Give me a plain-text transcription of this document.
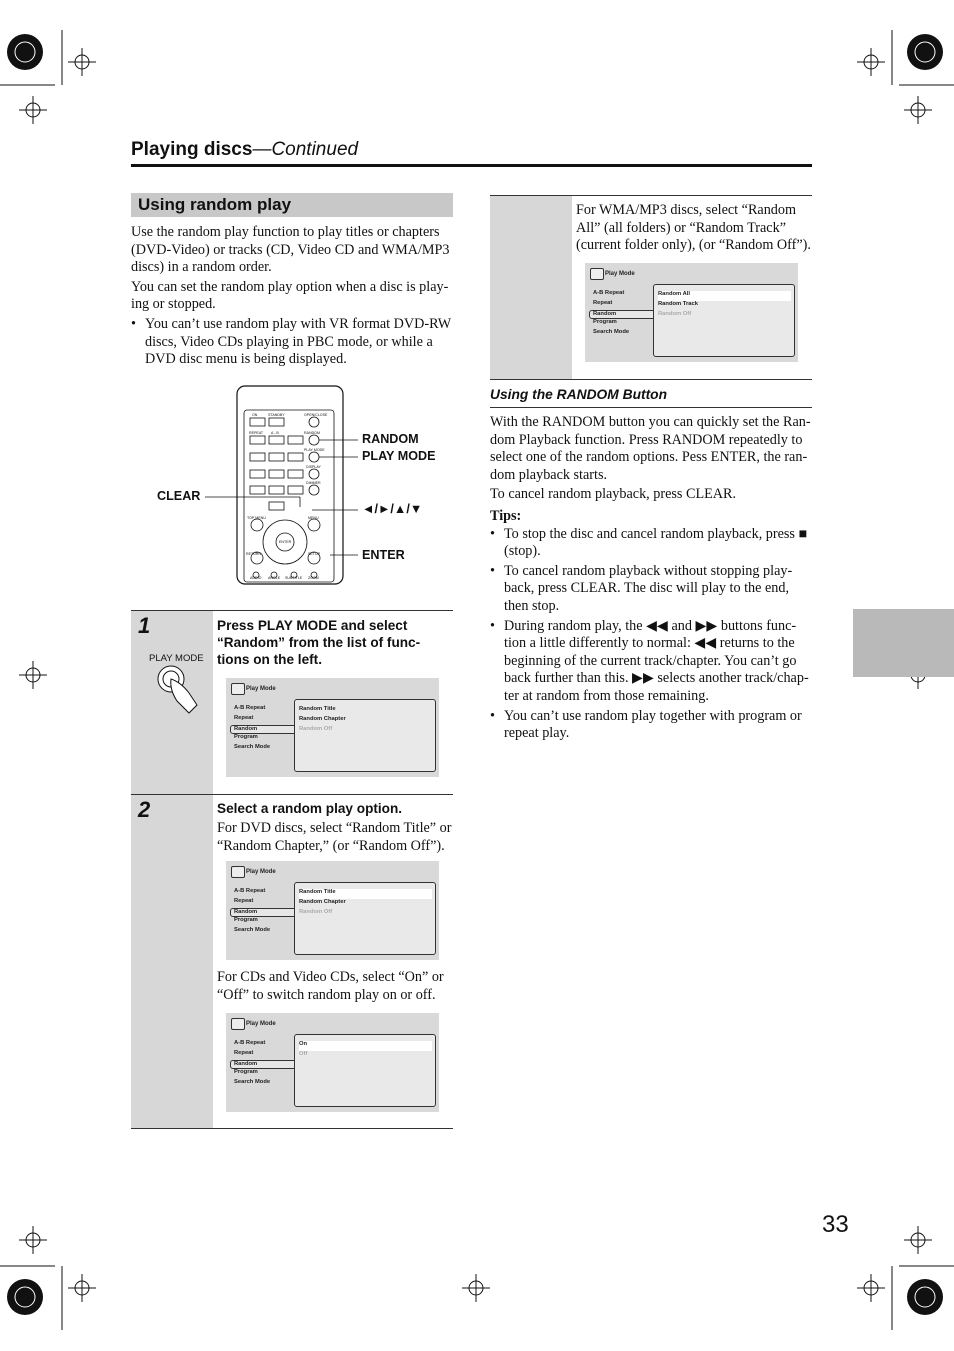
Playing discs—Continued
Using random play

Use the random play function to play titles or chapters (DVD-Video) or tracks (CD, Video CD and WMA/MP3 discs) in a random order.

You can set the random play option when a disc is play-ing or stopped.

• You can’t use random play with VR format DVD-RW discs, Video CDs playing in PBC mode, or while a DVD disc menu is being displayed.

ON	STANDBY	OPEN/CLOSE
REPEAT A - B	RANDOM
PLAY MODE
DISPLAY
DIMMER
TOP MENU	MENU
RETURN	SETUP
ENTER
AUDIO ANGLE SUBTITLE ZOOM
RANDOM
PLAY MODE
CLEAR
◄/►/▲/▼
ENTER
1
PLAY MODE
Press PLAY MODE and select “Random” from the list of func-tions on the left.
Play Mode
A-B Repeat
Repeat
Random
Program
Search Mode
Random Title
Random Chapter
Random Off
2	Select a random play option.
For DVD discs, select “Random Title” or “Random Chapter,” (or “Random Off”).
Play Mode
A-B Repeat
Repeat
Random
Program
Search Mode
Random Title
Random Chapter
Random Off
For CDs and Video CDs, select “On” or “Off” to switch random play on or off.
Play Mode
A-B Repeat
Repeat
Random
Program
Search Mode
On
Off
For WMA/MP3 discs, select “Random All” (all folders) or “Random Track” (current folder only), (or “Random Off”).
Play Mode
A-B Repeat
Repeat
Random
Program
Search Mode
Random All
Random Track
Random Off
Using the RANDOM Button

With the RANDOM button you can quickly set the Ran-dom Playback function. Press RANDOM repeatedly to select one of the random options. Pess ENTER, the ran-dom playback starts.

To cancel random playback, press CLEAR.

Tips:

• To stop the disc and cancel random playback, press ■ (stop).

• To cancel random playback without stopping play-back, press CLEAR. The disc will play to the end, then stop.

• During random play, the ◀◀ and ▶▶ buttons func-tion a little differently to normal: ◀◀ returns to the beginning of the current track/chapter. You can’t go back further than this. ▶▶ selects another track/chap-ter at random from those remaining.

• You can’t use random play together with program or repeat play.

33
